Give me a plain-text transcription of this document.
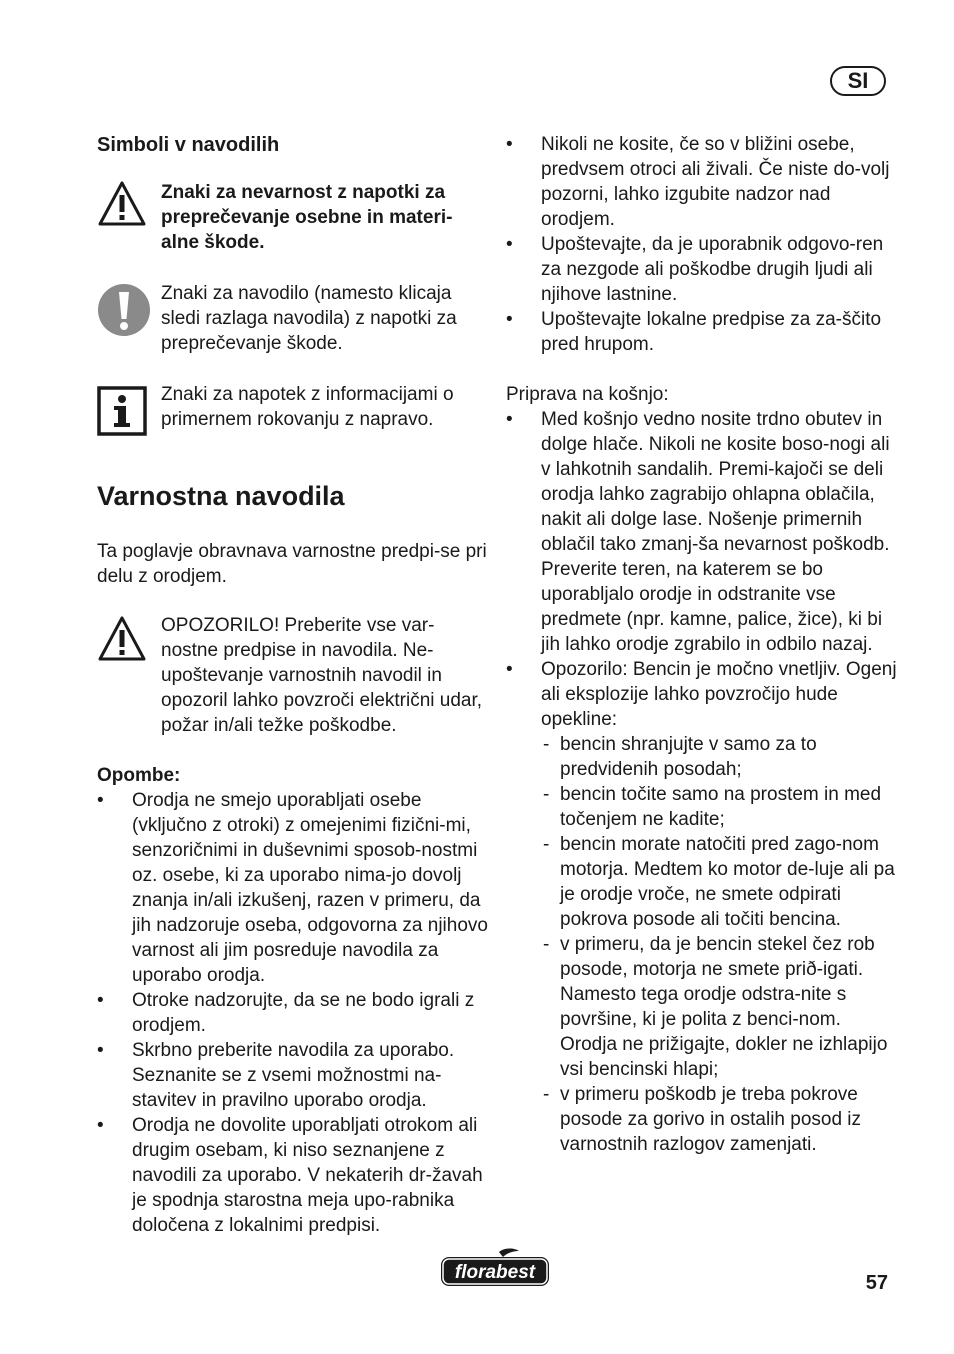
SI
Simboli v navodilih

Znaki za nevarnost z napotki za preprečevanje osebne in materi-alne škode.

Znaki za navodilo (namesto klicaja sledi razlaga navodila) z napotki za preprečevanje škode.

Znaki za napotek z informacijami o primernem rokovanju z napravo.

Varnostna navodila

Ta poglavje obravnava varnostne predpi-se pri delu z orodjem.

OPOZORILO! Preberite vse var-nostne predpise in navodila. Ne-upoštevanje varnostnih navodil in opozoril lahko povzroči električni udar, požar in/ali težke poškodbe.

Opombe:
• Orodja ne smejo uporabljati osebe (vključno z otroki) z omejenimi fizični-mi, senzoričnimi in duševnimi sposob-nostmi oz. osebe, ki za uporabo nima-jo dovolj znanja in/ali izkušenj, razen v primeru, da jih nadzoruje oseba, odgovorna za njihovo varnost ali jim posreduje navodila za uporabo orodja.
• Otroke nadzorujte, da se ne bodo igrali z orodjem.
• Skrbno preberite navodila za uporabo. Seznanite se z vsemi možnostmi na-stavitev in pravilno uporabo orodja.
• Orodja ne dovolite uporabljati otrokom ali drugim osebam, ki niso seznanjene z navodili za uporabo. V nekaterih dr-žavah je spodnja starostna meja upo-rabnika določena z lokalnimi predpisi.
• Nikoli ne kosite, če so v bližini osebe, predvsem otroci ali živali. Če niste do-volj pozorni, lahko izgubite nadzor nad orodjem.
• Upoštevajte, da je uporabnik odgovo-ren za nezgode ali poškodbe drugih ljudi ali njihove lastnine.
• Upoštevajte lokalne predpise za za-ščito pred hrupom.
Priprava na košnjo:
• Med košnjo vedno nosite trdno obutev in dolge hlače. Nikoli ne kosite boso-nogi ali v lahkotnih sandalih. Premi-kajoči se deli orodja lahko zagrabijo ohlapna oblačila, nakit ali dolge lase. Nošenje primernih oblačil tako zmanj-ša nevarnost poškodb.
Preverite teren, na katerem se bo uporabljalo orodje in odstranite vse predmete (npr. kamne, palice, žice), ki bi jih lahko orodje zgrabilo in odbilo nazaj.
• Opozorilo: Bencin je močno vnetljiv. Ogenj ali eksplozije lahko povzročijo hude opekline:
- bencin shranjujte v samo za to predvidenih posodah;
- bencin točite samo na prostem in med točenjem ne kadite;
- bencin morate natočiti pred zago-nom motorja. Medtem ko motor de-luje ali pa je orodje vroče, ne smete odpirati pokrova posode ali točiti bencina.
- v primeru, da je bencin stekel čez rob posode, motorja ne smete prið-igati. Namesto tega orodje odstra-nite s površine, ki je polita z benci-nom. Orodja ne prižigajte, dokler ne izhlapijo vsi bencinski hlapi;
- v primeru poškodb je treba pokrove posode za gorivo in ostalih posod iz varnostnih razlogov zamenjati.
florabest	57
